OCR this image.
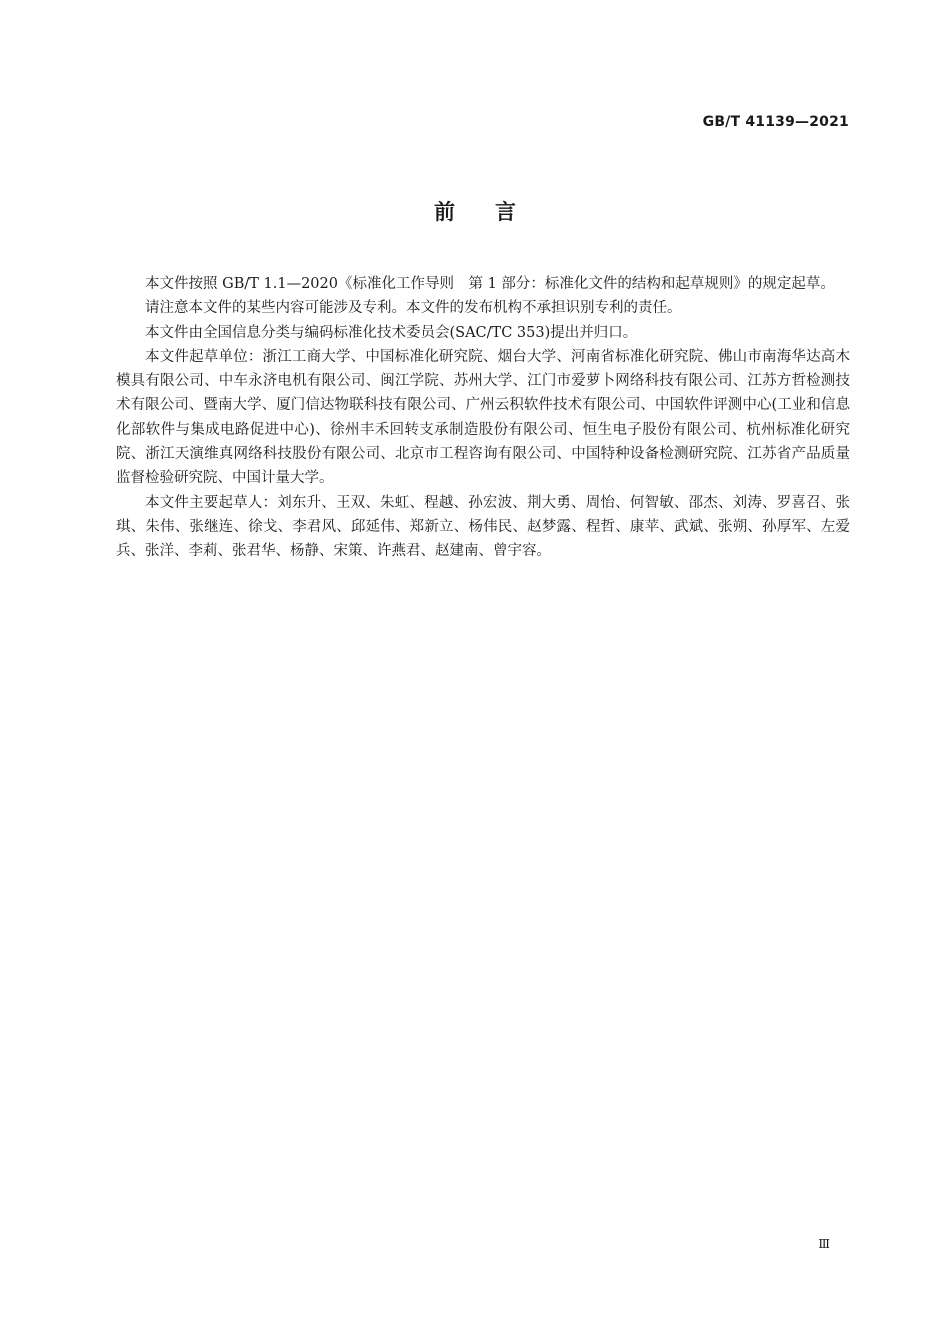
GB/T 41139—2021
前言

本文件按照 GB/T 1.1—2020《标准化工作导则　第 1 部分：标准化文件的结构和起草规则》的规定起草。

请注意本文件的某些内容可能涉及专利。本文件的发布机构不承担识别专利的责任。

本文件由全国信息分类与编码标准化技术委员会(SAC/TC 353)提出并归口。

本文件起草单位：浙江工商大学、中国标准化研究院、烟台大学、河南省标准化研究院、佛山市南海华达高木模具有限公司、中车永济电机有限公司、闽江学院、苏州大学、江门市爱萝卜网络科技有限公司、江苏方哲检测技术有限公司、暨南大学、厦门信达物联科技有限公司、广州云积软件技术有限公司、中国软件评测中心(工业和信息化部软件与集成电路促进中心)、徐州丰禾回转支承制造股份有限公司、恒生电子股份有限公司、杭州标准化研究院、浙江天演维真网络科技股份有限公司、北京市工程咨询有限公司、中国特种设备检测研究院、江苏省产品质量监督检验研究院、中国计量大学。

本文件主要起草人：刘东升、王双、朱虹、程越、孙宏波、荆大勇、周怡、何智敏、邵杰、刘涛、罗喜召、张琪、朱伟、张继连、徐戈、李君风、邱延伟、郑新立、杨伟民、赵梦露、程哲、康苹、武斌、张朔、孙厚军、左爱兵、张洋、李莉、张君华、杨静、宋策、许燕君、赵建南、曾宇容。

Ⅲ
